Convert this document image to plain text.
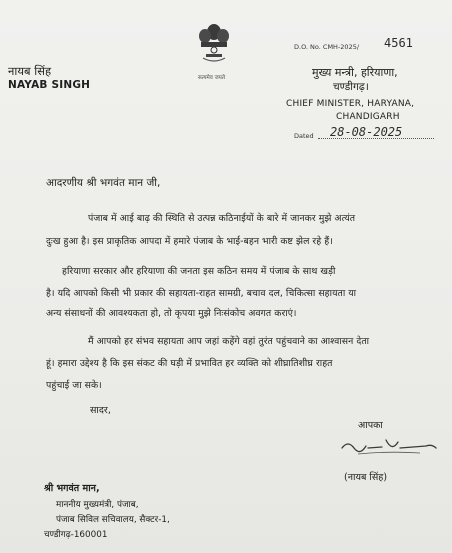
नायब सिंह
NAYAB SINGH
सत्यमेव जयते
D.O. No. CMH-2025/ 4561
मुख्य मन्त्री, हरियाणा,
चण्डीगढ़।
CHIEF MINISTER, HARYANA,
CHANDIGARH
Dated 28-08-2025
आदरणीय श्री भगवंत मान जी,
पंजाब में आई बाढ़ की स्थिति से उत्पन्न कठिनाईयों के बारे में जानकर मुझे अत्यंत
दुःख हुआ है। इस प्राकृतिक आपदा में हमारे पंजाब के भाई-बहन भारी कष्ट झेल रहे हैं।
हरियाणा सरकार और हरियाणा की जनता इस कठिन समय में पंजाब के साथ खड़ी
है। यदि आपको किसी भी प्रकार की सहायता-राहत सामग्री, बचाव दल, चिकित्सा सहायता या
अन्य संसाधनों की आवश्यकता हो, तो कृपया मुझे निःसंकोच अवगत कराएं।
मैं आपको हर संभव सहायता आप जहां कहेंगे वहां तुरंत पहुंचवाने का आश्वासन देता
हूं। हमारा उद्देश्य है कि इस संकट की घड़ी में प्रभावित हर व्यक्ति को शीघ्रातिशीघ्र राहत
पहुंचाई जा सके।
सादर,
आपका
(नायब सिंह)
श्री भगवंत मान,
माननीय मुख्यमंत्री, पंजाब,
पंजाब सिविल सचिवालय, सैक्टर-1,
चण्डीगढ़-160001
